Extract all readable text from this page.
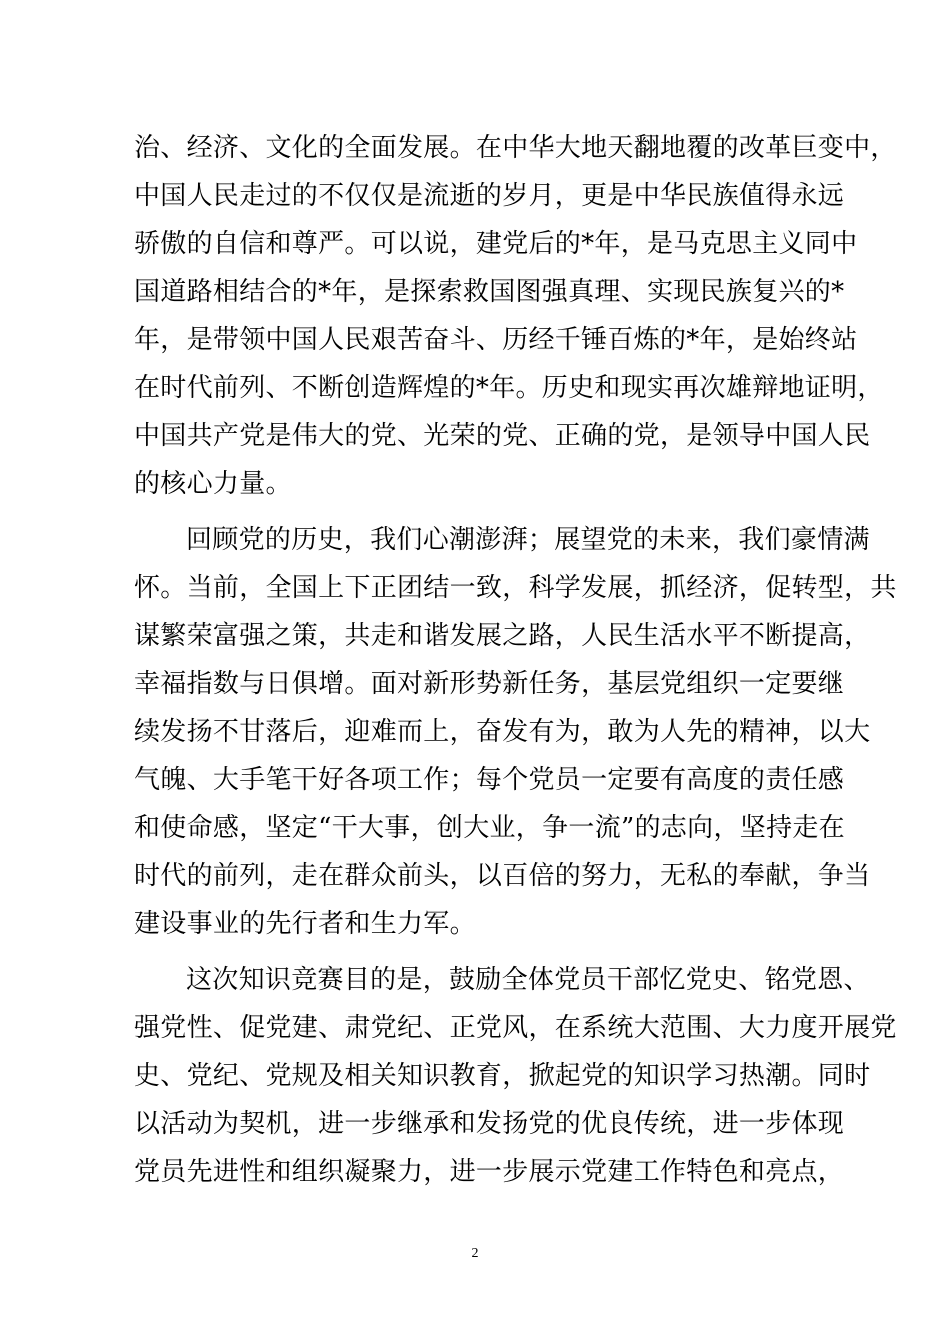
治、经济、文化的全面发展。在中华大地天翻地覆的改革巨变中，
中国人民走过的不仅仅是流逝的岁月，更是中华民族值得永远
骄傲的自信和尊严。可以说，建党后的*年，是马克思主义同中
国道路相结合的*年，是探索救国图强真理、实现民族复兴的*
年，是带领中国人民艰苦奋斗、历经千锤百炼的*年，是始终站
在时代前列、不断创造辉煌的*年。历史和现实再次雄辩地证明，
中国共产党是伟大的党、光荣的党、正确的党，是领导中国人民
的核心力量。
回顾党的历史，我们心潮澎湃；展望党的未来，我们豪情满
怀。当前，全国上下正团结一致，科学发展，抓经济，促转型，共
谋繁荣富强之策，共走和谐发展之路，人民生活水平不断提高，
幸福指数与日俱增。面对新形势新任务，基层党组织一定要继
续发扬不甘落后，迎难而上，奋发有为，敢为人先的精神，以大
气魄、大手笔干好各项工作；每个党员一定要有高度的责任感
和使命感，坚定“干大事，创大业，争一流”的志向，坚持走在
时代的前列，走在群众前头，以百倍的努力，无私的奉献，争当
建设事业的先行者和生力军。
这次知识竞赛目的是，鼓励全体党员干部忆党史、铭党恩、
强党性、促党建、肃党纪、正党风，在系统大范围、大力度开展党
史、党纪、党规及相关知识教育，掀起党的知识学习热潮。同时
以活动为契机，进一步继承和发扬党的优良传统，进一步体现
党员先进性和组织凝聚力，进一步展示党建工作特色和亮点，
2
